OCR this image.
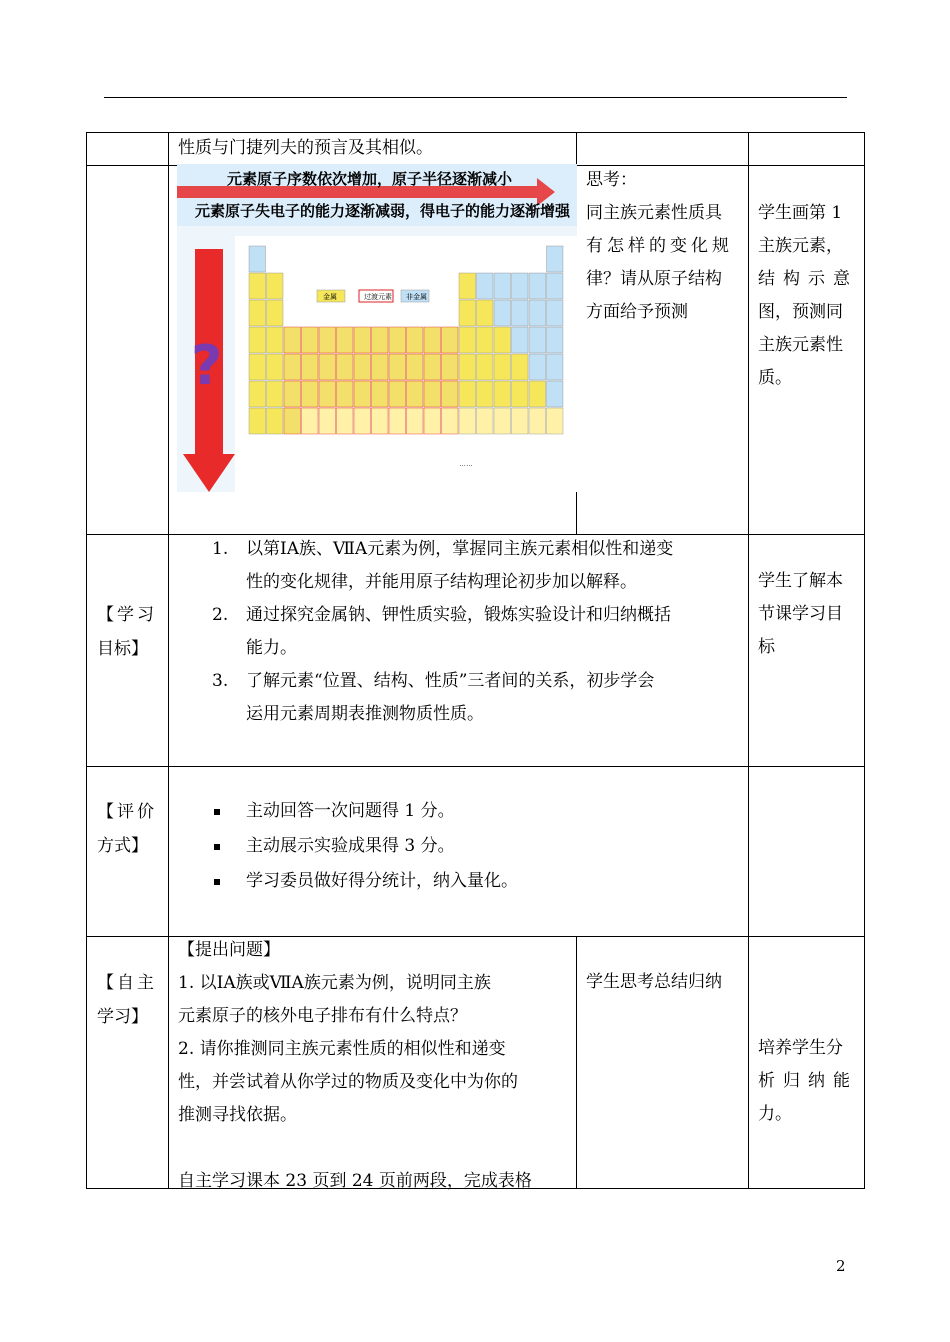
性质与门捷列夫的预言及其相似。
元素原子序数依次增加，原子半径逐渐减小
元素原子失电子的能力逐渐减弱，得电子的能力逐渐增强
?
金属	过渡元素 非金属
……
思考：
同主族元素性质具
有怎样的变化规
律？请从原子结构
方面给予预测
学生画第 1
主族元素，
结构示意
图，预测同
主族元素性
质。
【学习
目标】
1. 以第ⅠA族、ⅦA元素为例，掌握同主族元素相似性和递变
性的变化规律，并能用原子结构理论初步加以解释。
2. 通过探究金属钠、钾性质实验，锻炼实验设计和归纳概括
能力。
3. 了解元素“位置、结构、性质”三者间的关系，初步学会
运用元素周期表推测物质性质。
学生了解本
节课学习目
标
【评价
方式】
主动回答一次问题得 1 分。
主动展示实验成果得 3 分。
学习委员做好得分统计，纳入量化。
【自主
学习】
【提出问题】
1. 以ⅠA族或ⅦA族元素为例，说明同主族
元素原子的核外电子排布有什么特点？
2. 请你推测同主族元素性质的相似性和递变
性，并尝试着从你学过的物质及变化中为你的
推测寻找依据。
自主学习课本 23 页到 24 页前两段，完成表格
学生思考总结归纳
培养学生分
析归纳能
力。
2
